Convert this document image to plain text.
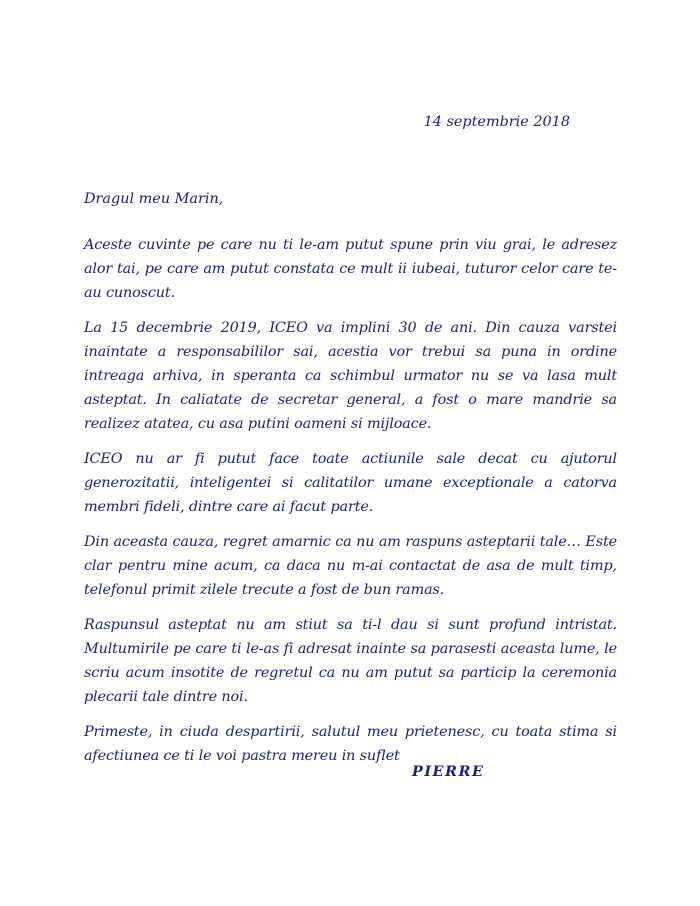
14 septembrie 2018
Dragul meu Marin,

Aceste cuvinte pe care nu ti le-am putut spune prin viu grai, le adresez alor tai, pe care am putut constata ce mult ii iubeai, tuturor celor care te-au cunoscut.

La 15 decembrie 2019, ICEO va implini 30 de ani. Din cauza varstei inaintate a responsabililor sai, acestia vor trebui sa puna in ordine intreaga arhiva, in speranta ca schimbul urmator nu se va lasa mult asteptat. In caliatate de secretar general, a fost o mare mandrie sa realizez atatea, cu asa putini oameni si mijloace.

ICEO nu ar fi putut face toate actiunile sale decat cu ajutorul generozitatii, inteligentei si calitatilor umane exceptionale a catorva membri fideli, dintre care ai facut parte.

Din aceasta cauza, regret amarnic ca nu am raspuns asteptarii tale… Este clar pentru mine acum, ca daca nu m-ai contactat de asa de mult timp, telefonul primit zilele trecute a fost de bun ramas.

Raspunsul asteptat nu am stiut sa ti-l dau si sunt profund intristat. Multumirile pe care ti le-as fi adresat inainte sa parasesti aceasta lume, le scriu acum insotite de regretul ca nu am putut sa particip la ceremonia plecarii tale dintre noi.

Primeste, in ciuda despartirii, salutul meu prietenesc, cu toata stima si afectiunea ce ti le voi pastra mereu in suflet

PIERRE
